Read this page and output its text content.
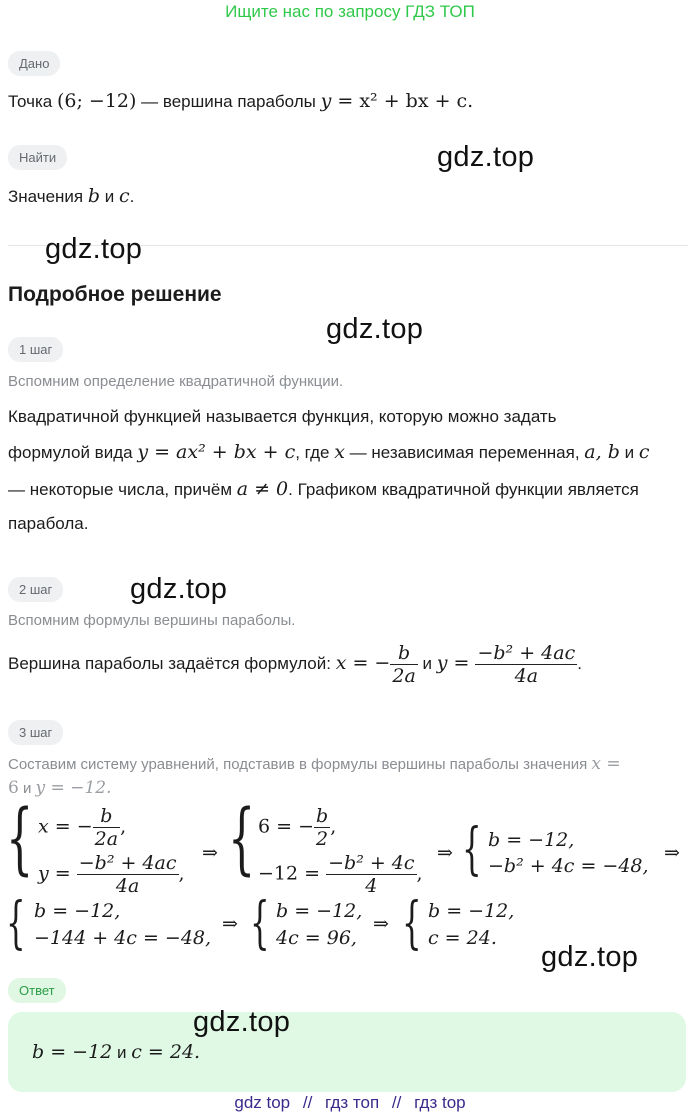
Ищите нас по запросу ГДЗ ТОП
Дано
Точка (6; −12) — вершина параболы y = x² + bx + c.
Найти
Значения b и c.
Подробное решение
1 шаг
Вспомним определение квадратичной функции.
Квадратичной функцией называется функция, которую можно задать
формулой вида y = ax² + bx + c, где x — независимая переменная, a, b и c
— некоторые числа, причём a ≠ 0. Графиком квадратичной функции является
парабола.
2 шаг
Вспомним формулы вершины параболы.
Вершина параболы задаётся формулой: x = − $\frac{b}{2a}$ и $y = \frac{\text{−b² + 4ac}}{4a}$ .
3 шаг
Составим систему уравнений, подставив в формулы вершины параболы значения x =
6 и y = −12.
{ x = − $\frac{b}{2a}$ ,
$y = \frac{\text{−b² + 4ac}}{4a}$ ,
⇒ { 6 = − $\frac{b}{2}$ ,
$-12 = \frac{\text{−b² + 4c}}{4}$ ,
⇒ { b = −12,
−b² + 4c = −48,
⇒
{ b = −12,
−144 + 4c = −48,
⇒ { b = −12,
4c = 96,
⇒ { b = −12,
c = 24.
Ответ
b = −12 и c = 24.
gdz.top
gdz.top
gdz.top
gdz.top
gdz.top
gdz.top
gdz top // гдз топ // гдз top
